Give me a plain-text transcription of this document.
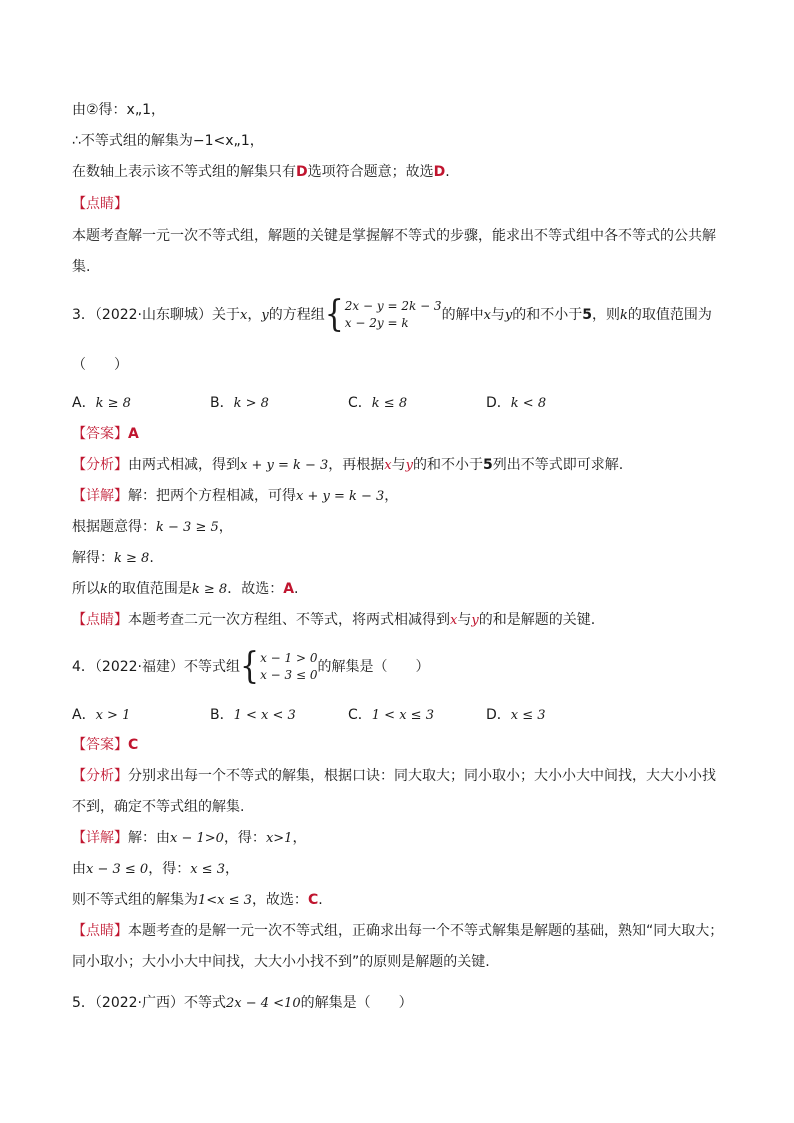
由②得：x„1，
∴不等式组的解集为−1<x„1，
在数轴上表示该不等式组的解集只有D选项符合题意；故选D.
【点睛】
本题考查解一元一次不等式组，解题的关键是掌握解不等式的步骤，能求出不等式组中各不等式的公共解
集.
3．（2022·山东聊城）关于x，y的方程组{ 2x − y = 2k − 3
x − 2y = k	的解中x与y的和不小于5，则k的取值范围为
（　　）
A．k ≥ 8	B．k > 8	C．k ≤ 8	D．k < 8
【答案】A
【分析】由两式相减，得到x + y = k − 3，再根据x与y的和不小于5列出不等式即可求解.
【详解】解：把两个方程相减，可得x + y = k − 3，
根据题意得：k − 3 ≥ 5，
解得：k ≥ 8.
所以k的取值范围是k ≥ 8．故选：A.
【点睛】本题考查二元一次方程组、不等式，将两式相减得到x与y的和是解题的关键.
4．（2022·福建）不等式组{ x − 1 > 0
x − 3 ≤ 0 的解集是（　　）
A．x > 1	B．1 < x < 3	C．1 < x ≤ 3	D．x ≤ 3
【答案】C
【分析】分别求出每一个不等式的解集，根据口诀：同大取大；同小取小；大小小大中间找，大大小小找
不到，确定不等式组的解集.
【详解】解：由x − 1>0，得：x>1，
由x − 3 ≤ 0，得：x ≤ 3，
则不等式组的解集为1<x ≤ 3，故选：C.
【点睛】本题考查的是解一元一次不等式组，正确求出每一个不等式解集是解题的基础，熟知“同大取大；
同小取小；大小小大中间找，大大小小找不到”的原则是解题的关键.
5．（2022·广西）不等式2x − 4 <10的解集是（　　）
